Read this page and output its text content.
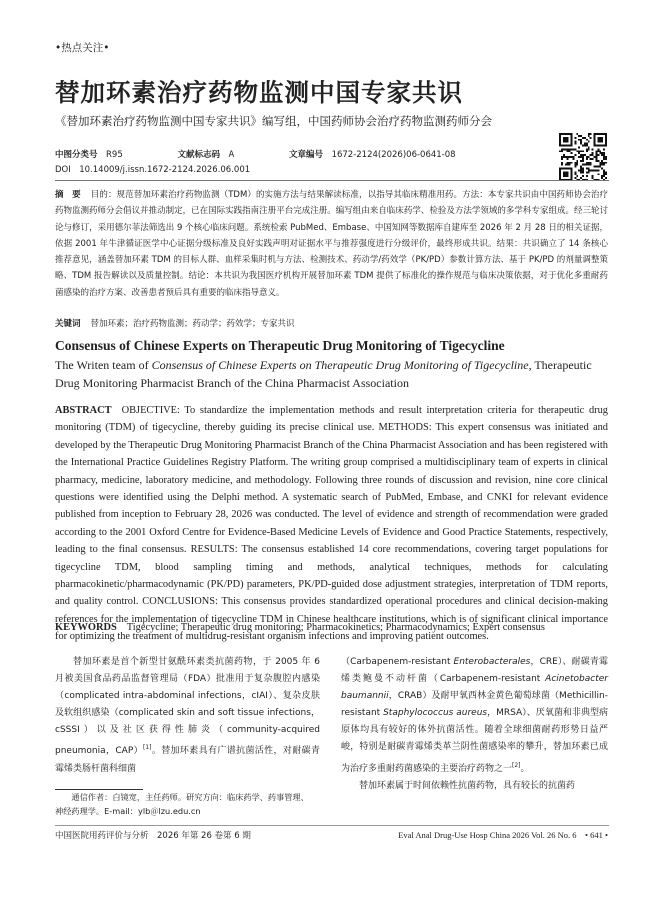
•热点关注•
替加环素治疗药物监测中国专家共识
《替加环素治疗药物监测中国专家共识》编写组，中国药师协会治疗药物监测药师分会
中图分类号　 R95	文献标志码　 A	文章编号　 1672-2124(2026)06-0641-08
DOI　10.14009/j.issn.1672-2124.2026.06.001
摘　要 目的：规范替加环素治疗药物监测（TDM）的实施方法与结果解读标准，以指导其临床精准用药。方法：本专家共识由中国药师协会治疗药物监测药师分会倡议并推动制定，已在国际实践指南注册平台完成注册。编写组由来自临床药学、检验及方法学领域的多学科专家组成。经三轮讨论与修订，采用德尔菲法筛选出 9 个核心临床问题。系统检索 PubMed、Embase、中国知网等数据库自建库至 2026 年 2 月 28 日的相关证据，依据 2001 年牛津循证医学中心证据分级标准及良好实践声明对证据水平与推荐强度进行分级评价，最终形成共识。结果：共识确立了 14 条核心推荐意见，涵盖替加环素 TDM 的目标人群、血样采集时机与方法、检测技术、药动学/药效学（PK/PD）参数计算方法、基于 PK/PD 的剂量调整策略、TDM 报告解读以及质量控制。结论：本共识为我国医疗机构开展替加环素 TDM 提供了标准化的操作规范与临床决策依据，对于优化多重耐药菌感染的治疗方案、改善患者预后具有重要的临床指导意义。
关键词 替加环素；治疗药物监测；药动学；药效学；专家共识
Consensus of Chinese Experts on Therapeutic Drug Monitoring of Tigecycline
The Writen team of Consensus of Chinese Experts on Therapeutic Drug Monitoring of Tigecycline, Therapeutic Drug Monitoring Pharmacist Branch of the China Pharmacist Association
ABSTRACT OBJECTIVE: To standardize the implementation methods and result interpretation criteria for therapeutic drug monitoring (TDM) of tigecycline, thereby guiding its precise clinical use. METHODS: This expert consensus was initiated and developed by the Therapeutic Drug Monitoring Pharmacist Branch of the China Pharmacist Association and has been registered with the International Practice Guidelines Registry Platform. The writing group comprised a multidisciplinary team of experts in clinical pharmacy, medicine, laboratory medicine, and methodology. Following three rounds of discussion and revision, nine core clinical questions were identified using the Delphi method. A systematic search of PubMed, Embase, and CNKI for relevant evidence published from inception to February 28, 2026 was conducted. The level of evidence and strength of recommendation were graded according to the 2001 Oxford Centre for Evidence-Based Medicine Levels of Evidence and Good Practice Statements, respectively, leading to the final consensus. RESULTS: The consensus established 14 core recommendations, covering target populations for tigecycline TDM, blood sampling timing and methods, analytical techniques, methods for calculating pharmacokinetic/pharmacodynamic (PK/PD) parameters, PK/PD-guided dose adjustment strategies, interpretation of TDM reports, and quality control. CONCLUSIONS: This consensus provides standardized operational procedures and clinical decision-making references for the implementation of tigecycline TDM in Chinese healthcare institutions, which is of significant clinical importance for optimizing the treatment of multidrug-resistant organism infections and improving patient outcomes.
KEYWORDS Tigecycline; Therapeutic drug monitoring; Pharmacokinetics; Pharmacodynamics; Expert consensus
替加环素是首个新型甘氨酰环素类抗菌药物，于 2005 年 6 月被美国食品药品监督管理局（FDA）批准用于复杂腹腔内感染（complicated intra-abdominal infections，cIAI）、复杂皮肤及软组织感染（complicated skin and soft tissue infections，cSSSI）以及社区获得性肺炎（community-acquired pneumonia，CAP）[1]。替加环素具有广谱抗菌活性，对耐碳青霉烯类肠杆菌科细菌

（Carbapenem-resistant Enterobacterales，CRE）、耐碳青霉烯类鲍曼不动杆菌（Carbapenem-resistant Acinetobacter baumannii，CRAB）及耐甲氧西林金黄色葡萄球菌（Methicillin-resistant Staphylococcus aureus，MRSA）、厌氧菌和非典型病原体均具有较好的体外抗菌活性。随着全球细菌耐药形势日益严峻，特别是耐碳青霉烯类革兰阴性菌感染率的攀升，替加环素已成为治疗多重耐药菌感染的主要治疗药物之一[2]。

替加环素属于时间依赖性抗菌药物，具有较长的抗菌药

通信作者：白镜宽，主任药师。研究方向：临床药学、药事管理、神经药理学。E-mail：ylb＠lzu.edu.cn
中国医院用药评价与分析　2026 年第 26 卷第 6 期	Eval Anal Drug-Use Hosp China 2026 Vol. 26 No. 6　• 641 •
